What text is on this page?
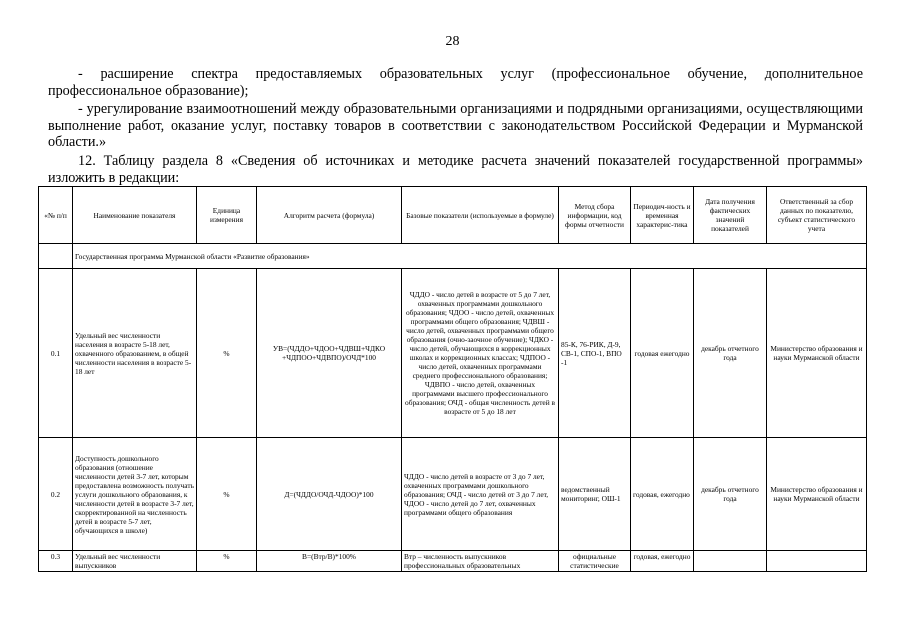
28
- расширение спектра предоставляемых образовательных услуг (профессиональное обучение, дополнительное профессиональное образование);
- урегулирование взаимоотношений между образовательными организациями и подрядными организациями, осуществляющими выполнение работ, оказание услуг, поставку товаров в соответствии с законодательством Российской Федерации и Мурманской области.»
12. Таблицу раздела 8 «Сведения об источниках и методике расчета значений показателей государственной программы» изложить в редакции:
«№ п/п	Наименование показателя	Единица измерения	Алгоритм расчета (формула)	Базовые показатели (используемые в формуле)	Метод сбора информации, код формы отчетности	Периодич-ность и временная характерис-тика	Дата получения фактических значений показателей	Ответственный за сбор данных по показателю, субъект статистического учета
	Государственная программа Мурманской области «Развитие образования»							
0.1	Удельный вес численности населения в возрасте 5-18 лет, охваченного образованием, в общей численности населения в возрасте 5-18 лет	%	УВ=(ЧДДО+ЧДОО+ЧДВШ+ЧДКО +ЧДПОО+ЧДВПО)/ОЧД*100	ЧДДО - число детей в возрасте от 5 до 7 лет, охваченных программами дошкольного образования; ЧДОО - число детей, охваченных программами общего образования; ЧДВШ - число детей, охваченных программами общего образования (очно-заочное обучение); ЧДКО - число детей, обучающихся в коррекционных школах и коррекционных классах; ЧДПОО - число детей, охваченных программами среднего профессионального образования; ЧДВПО - число детей, охваченных программами высшего профессионального образования; ОЧД - общая численность детей в возрасте от 5 до 18 лет	85-К, 76-РИК, Д-9, СВ-1, СПО-1, ВПО -1	годовая ежегодно	декабрь отчетного года	Министерство образования и науки Мурманской области
0.2	Доступность дошкольного образования (отношение численности детей 3-7 лет, которым предоставлена возможность получать услуги дошкольного образования, к численности детей в возрасте 3-7 лет, скорректированной на численность детей в возрасте 5-7 лет, обучающихся в школе)	%	Д=(ЧДДО/ОЧД-ЧДОО)*100	ЧДДО - число детей в возрасте от 3 до 7 лет, охваченных программами дошкольного образования; ОЧД - число детей от 3 до 7 лет, ЧДОО - число детей до 7 лет, охваченных программами общего образования	ведомственный мониторинг, ОШ-1	годовая, ежегодно	декабрь отчетного года	Министерство образования и науки Мурманской области
0.3	Удельный вес численности выпускников	%	В=(Втр/В)*100%	Втр – численность выпускников профессиональных образовательных	официальные статистические	годовая, ежегодно		
